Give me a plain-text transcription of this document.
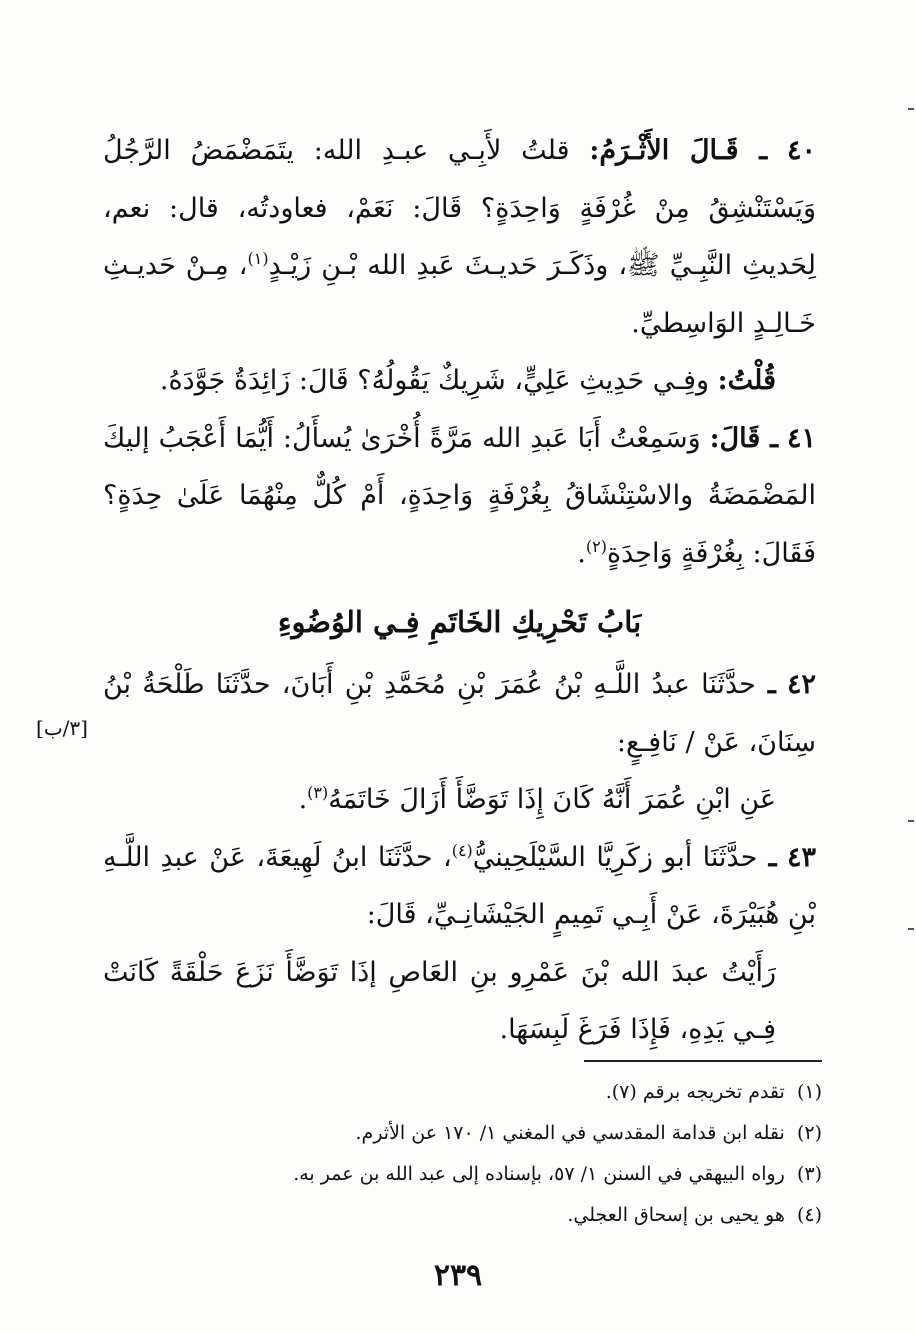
٤٠ ـ قَـالَ الأَثْـرَمُ: قلتُ لأَبِـي عبـدِ الله: يتَمَضْمَضُ الرَّجُلُ وَيَسْتَنْشِقُ مِنْ غُرْفَةٍ وَاحِدَةٍ؟ قَالَ: نَعَمْ، فعاودتُه، قال: نعم، لِحَديثِ النَّبِـيِّ ﷺ، وذَكَـرَ حَديـثَ عَبدِ الله بْـنِ زَيْـدٍ$^{(١)}$، مِـنْ حَديـثِ خَـالِـدٍ الوَاسِطيِّ.

قُلْتُ: وفِـي حَدِيثِ عَلِيٍّ، شَرِيكٌ يَقُولُهُ؟ قَالَ: زَائِدَةُ جَوَّدَهُ.

٤١ ـ قَالَ: وَسَمِعْتُ أَبَا عَبدِ الله مَرَّةً أُخْرَىٰ يُسأَلُ: أَيُّمَا أَعْجَبُ إليكَ المَضْمَضَةُ والاسْتِنْشَاقُ بِغُرْفَةٍ وَاحِدَةٍ، أَمْ كُلٌّ مِنْهُمَا عَلَىٰ حِدَةٍ؟ فَقَالَ: بِغُرْفَةٍ وَاحِدَةٍ$^{(٢)}$.

بَابُ تَحْرِيكِ الخَاتَمِ فِـي الوُضُوءِ

٤٢ ـ حدَّثَنَا عبدُ اللَّـهِ بْنُ عُمَرَ بْنِ مُحَمَّدِ بْنِ أَبَانَ، حدَّثَنَا طَلْحَةُ بْنُ سِنَانَ، عَنْ / نَافِـعٍ:

عَنِ ابْنِ عُمَرَ أَنَّهُ كَانَ إِذَا تَوَضَّأَ أَزَالَ خَاتَمَهُ$^{(٣)}$.

٤٣ ـ حدَّثَنَا أبو زكَرِيَّا السَّيْلَحِينيُّ$^{(٤)}$، حدَّثَنَا ابنُ لَهِيعَةَ، عَنْ عبدِ اللَّـهِ بْنِ هُبَيْرَةَ، عَنْ أَبِـي تَمِيمٍ الجَيْشَانِـيِّ، قَالَ:

رَأَيْتُ عبدَ الله بْنَ عَمْرِو بنِ العَاصِ إذَا تَوَضَّأَ نَزَعَ حَلْقَةً كَانَتْ فِـي يَدِهِ، فَإِذَا فَرَغَ لَبِسَهَا.

[٣/ب]
(١)  تقدم تخريجه برقم (٧).
(٢)  نقله ابن قدامة المقدسي في المغني ١/ ١٧٠ عن الأثرم.
(٣)  رواه البيهقي في السنن ١/ ٥٧، بإسناده إلى عبد الله بن عمر به.
(٤)  هو يحيى بن إسحاق العجلي.
٢٣٩
